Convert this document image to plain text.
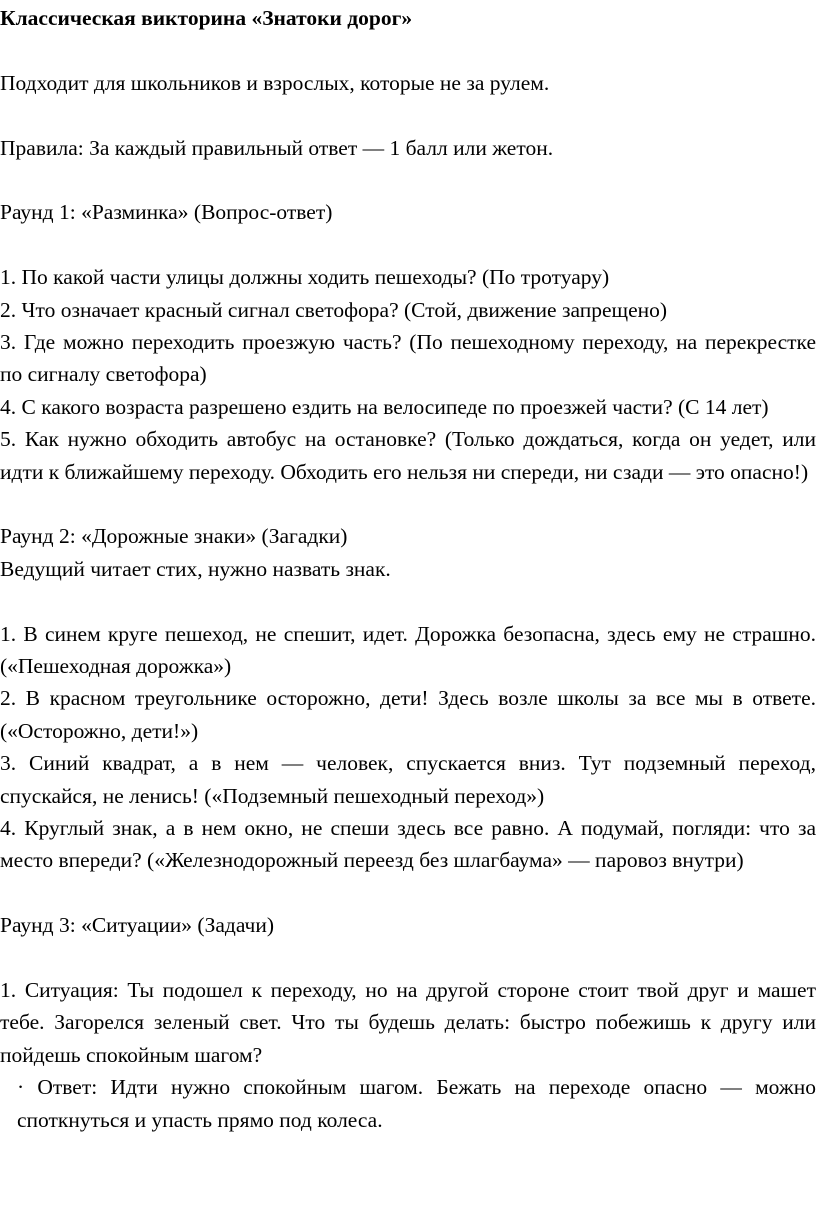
Классическая викторина «Знатоки дорог»

Подходит для школьников и взрослых, которые не за рулем.

Правила: За каждый правильный ответ — 1 балл или жетон.

Раунд 1: «Разминка» (Вопрос-ответ)

1. По какой части улицы должны ходить пешеходы? (По тротуару)

2. Что означает красный сигнал светофора? (Стой, движение запрещено)

3. Где можно переходить проезжую часть? (По пешеходному переходу, на перекрестке по сигналу светофора)

4. С какого возраста разрешено ездить на велосипеде по проезжей части? (С 14 лет)

5. Как нужно обходить автобус на остановке? (Только дождаться, когда он уедет, или идти к ближайшему переходу. Обходить его нельзя ни спереди, ни сзади — это опасно!)

Раунд 2: «Дорожные знаки» (Загадки)

Ведущий читает стих, нужно назвать знак.

1. В синем круге пешеход, не спешит, идет. Дорожка безопасна, здесь ему не страшно. («Пешеходная дорожка»)

2. В красном треугольнике осторожно, дети! Здесь возле школы за все мы в ответе. («Осторожно, дети!»)

3. Синий квадрат, а в нем — человек, спускается вниз. Тут подземный переход, спускайся, не ленись! («Подземный пешеходный переход»)

4. Круглый знак, а в нем окно, не спеши здесь все равно. А подумай, погляди: что за место впереди? («Железнодорожный переезд без шлагбаума» — паровоз внутри)

Раунд 3: «Ситуации» (Задачи)

1. Ситуация: Ты подошел к переходу, но на другой стороне стоит твой друг и машет тебе. Загорелся зеленый свет. Что ты будешь делать: быстро побежишь к другу или пойдешь спокойным шагом?

· Ответ: Идти нужно спокойным шагом. Бежать на переходе опасно — можно споткнуться и упасть прямо под колеса.
